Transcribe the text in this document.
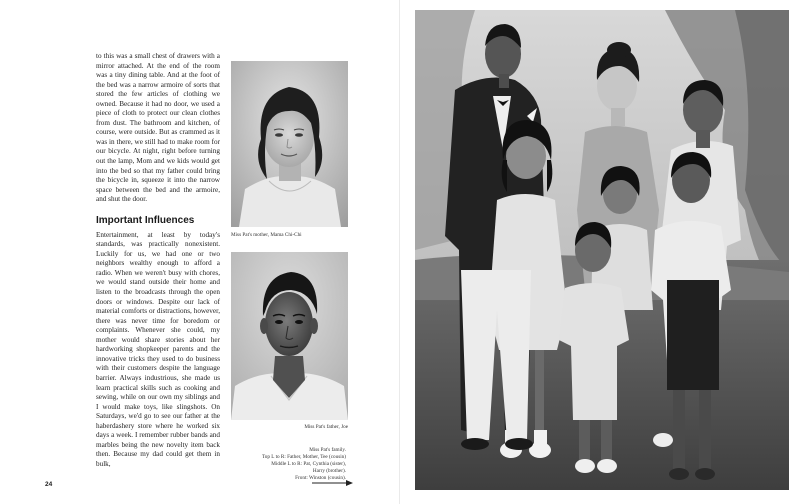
to this was a small chest of drawers with a mirror attached. At the end of the room was a tiny dining table. And at the foot of the bed was a narrow armoire of sorts that stored the few articles of clothing we owned. Because it had no door, we used a piece of cloth to protect our clean clothes from dust. The bathroom and kitchen, of course, were outside. But as crammed as it was in there, we still had to make room for our bicycle. At night, right before turning out the lamp, Mom and we kids would get into the bed so that my father could bring the bicycle in, squeeze it into the narrow space between the bed and the armoire, and shut the door.

Important Influences

Entertainment, at least by today's standards, was practically nonexistent. Luckily for us, we had one or two neighbors wealthy enough to afford a radio. When we weren't busy with chores, we would stand outside their home and listen to the broadcasts through the open doors or windows. Despite our lack of material comforts or distractions, however, there was never time for boredom or complaints. Whenever she could, my mother would share stories about her hardworking shopkeeper parents and the innovative tricks they used to do business with their customers despite the language barrier. Always industrious, she made us learn practical skills such as cooking and sewing, while on our own my siblings and I would make toys, like slingshots. On Saturdays, we'd go to see our father at the haberdashery store where he worked six days a week. I remember rubber bands and marbles being the new novelty item back then. Because my dad could get them in bulk,

Miss Pat's mother, Mama Chi-Chi
Miss Pat's father, Joe
Miss Pat's family.
Top L to R: Father, Mother, Tee (cousin)
Middle L to R: Pat, Cynthia (sister),
Harry (brother).
Front: Winston (cousin).
24
